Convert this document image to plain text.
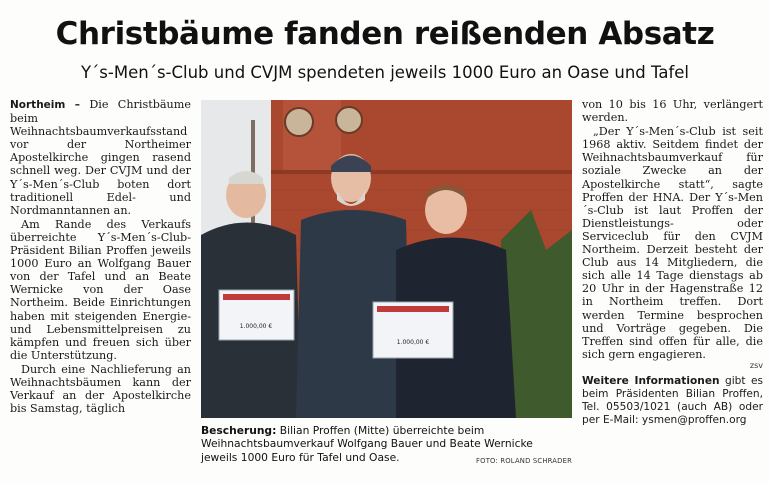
Christbäume fanden reißenden Absatz

Y´s-Men´s-Club und CVJM spendeten jeweils 1000 Euro an Oase und Tafel

Northeim – Die Christbäume beim Weihnachtsbaumverkaufsstand vor der Northeimer Apostelkirche gingen rasend schnell weg. Der CVJM und der Y´s-Men´s-Club boten dort traditionell Edel- und Nordmanntannen an.

Am Rande des Verkaufs überreichte Y´s-Men´s-Club-Präsident Bilian Proffen jeweils 1000 Euro an Wolfgang Bauer von der Tafel und an Beate Wernicke von der Oase Northeim. Beide Einrichtungen haben mit steigenden Energie- und Lebensmittelpreisen zu kämpfen und freuen sich über die Unterstützung.

Durch eine Nachlieferung an Weihnachtsbäumen kann der Verkauf an der Apostelkirche bis Samstag, täglich

1.000,00 €
1.000,00 €
Bescherung: Bilian Proffen (Mitte) überreichte beim Weihnachtsbaumverkauf Wolfgang Bauer und Beate Wernicke jeweils 1000 Euro für Tafel und Oase.	FOTO: ROLAND SCHRADER

von 10 bis 16 Uhr, verlängert werden.

„Der Y´s-Men´s-Club ist seit 1968 aktiv. Seitdem findet der Weihnachtsbaumverkauf für soziale Zwecke an der Apostelkirche statt“, sagte Proffen der HNA. Der Y´s-Men´s-Club ist laut Proffen der Dienstleistungs- oder Serviceclub für den CVJM Northeim. Derzeit besteht der Club aus 14 Mitgliedern, die sich alle 14 Tage dienstags ab 20 Uhr in der Hagenstraße 12 in Northeim treffen. Dort werden Termine besprochen und Vorträge gegeben. Die Treffen sind offen für alle, die sich gern engagieren.

zsv
Weitere Informationen gibt es beim Präsidenten Bilian Proffen, Tel. 05503/1021 (auch AB) oder per E-Mail: ysmen@proffen.org
